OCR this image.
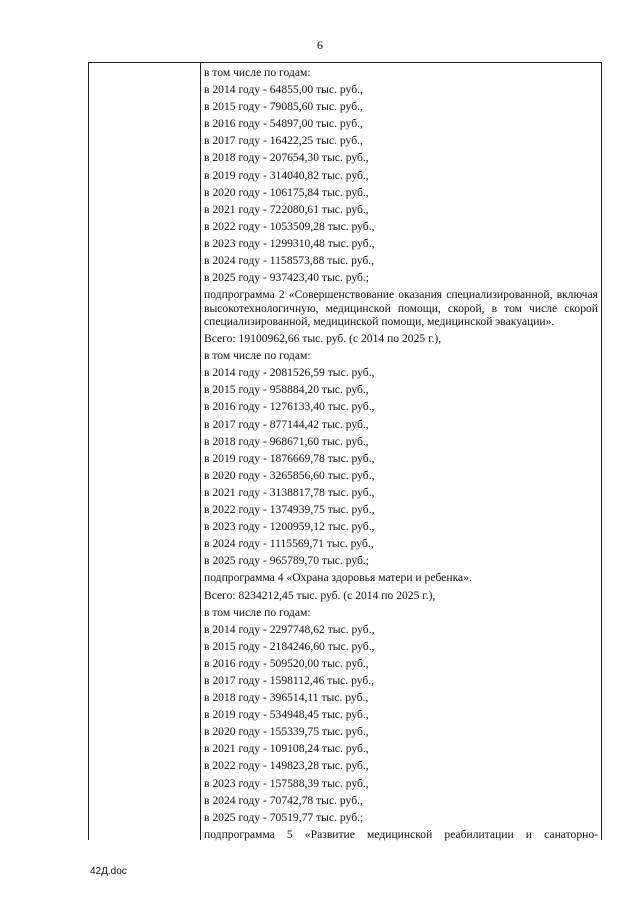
6
в том числе по годам:
в 2014 году - 64855,00 тыс. руб.,
в 2015 году - 79085,60 тыс. руб.,
в 2016 году - 54897,00 тыс. руб.,
в 2017 году - 16422,25 тыс. руб.,
в 2018 году - 207654,30 тыс. руб.,
в 2019 году - 314040,82 тыс. руб.,
в 2020 году - 106175,84 тыс. руб.,
в 2021 году - 722080,61 тыс. руб.,
в 2022 году - 1053509,28 тыс. руб.,
в 2023 году - 1299310,48 тыс. руб.,
в 2024 году - 1158573,88 тыс. руб.,
в 2025 году - 937423,40 тыс. руб.;
подпрограмма 2 «Совершенствование оказания специализированной, включая высокотехнологичную, медицинской помощи, скорой, в том числе скорой специализированной, медицинской помощи, медицинской эвакуации».
Всего: 19100962,66 тыс. руб. (с 2014 по 2025 г.),
в том числе по годам:
в 2014 году - 2081526,59 тыс. руб.,
в 2015 году - 958884,20 тыс. руб.,
в 2016 году - 1276133,40 тыс. руб.,
в 2017 году - 877144,42 тыс. руб.,
в 2018 году - 968671,60 тыс. руб.,
в 2019 году - 1876669,78 тыс. руб.,
в 2020 году - 3265856,60 тыс. руб.,
в 2021 году - 3138817,78 тыс. руб.,
в 2022 году - 1374939,75 тыс. руб.,
в 2023 году - 1200959,12 тыс. руб.,
в 2024 году - 1115569,71 тыс. руб.,
в 2025 году - 965789,70 тыс. руб.;
подпрограмма 4 «Охрана здоровья матери и ребенка».
Всего: 8234212,45 тыс. руб. (с 2014 по 2025 г.),
в том числе по годам:
в 2014 году - 2297748,62 тыс. руб.,
в 2015 году - 2184246,60 тыс. руб.,
в 2016 году - 509520,00 тыс. руб.,
в 2017 году - 1598112,46 тыс. руб.,
в 2018 году - 396514,11 тыс. руб.,
в 2019 году - 534948,45 тыс. руб.,
в 2020 году - 155339,75 тыс. руб.,
в 2021 году - 109108,24 тыс. руб.,
в 2022 году - 149823,28 тыс. руб.,
в 2023 году - 157588,39 тыс. руб.,
в 2024 году - 70742,78 тыс. руб.,
в 2025 году - 70519,77 тыс. руб.;
подпрограмма 5 «Развитие медицинской реабилитации и санаторно-
42Д.doc
